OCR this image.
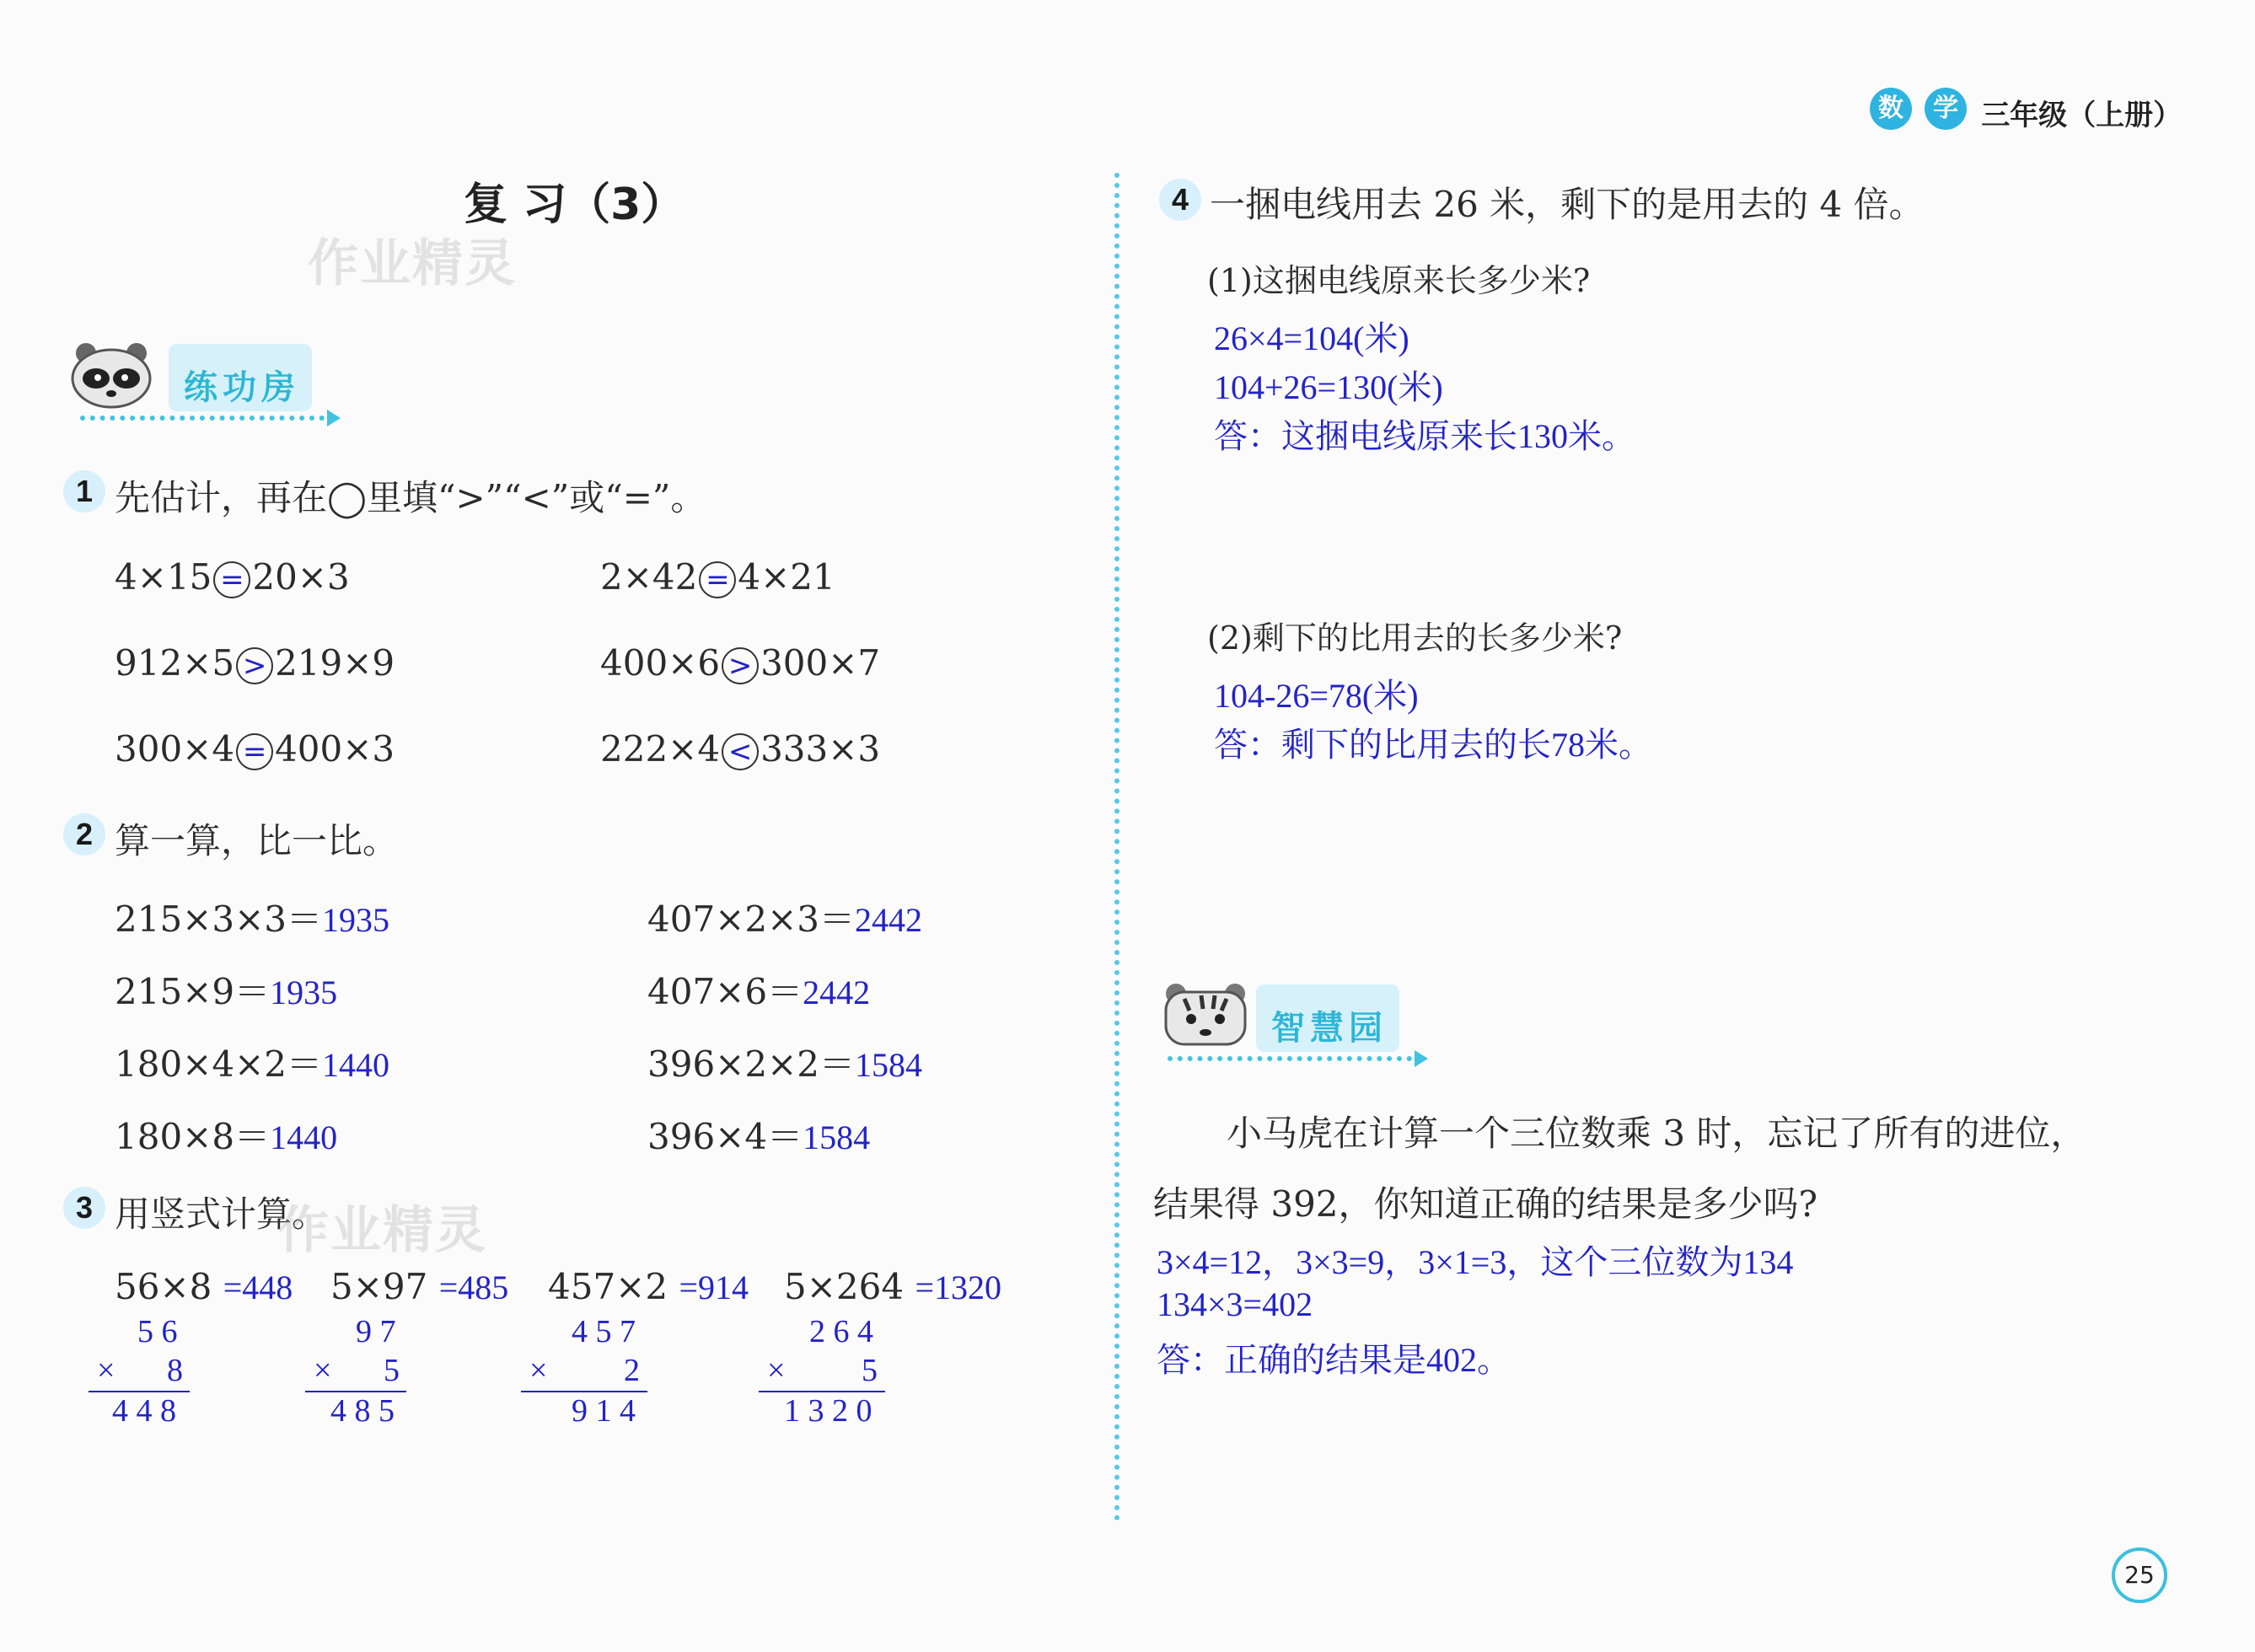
数 学 三年级（上册）
复 习（3）
作业精灵
练功房
1 先估计，再在◯里填“>”“<”或“=”。
4×15 = 20×3	2×42 = 4×21
912×5 > 219×9	400×6 > 300×7
300×4 = 400×3	222×4 < 333×3
2 算一算，比一比。
215×3×3＝1935	407×2×3＝2442
215×9＝1935	407×6＝2442
180×4×2＝1440	396×2×2＝1584
180×8＝1440	396×4＝1584
3 用竖式计算。
作业精灵
56×8 =448 5×97 =485 457×2 =914 5×264 =1320
5 6
× 8
4 4 8
9 7
× 5
4 8 5
4 5 7
× 2
9 1 4
2 6 4
× 5
1 3 2 0
4 一捆电线用去 26 米，剩下的是用去的 4 倍。
(1)这捆电线原来长多少米?
26×4=104(米)
104+26=130(米)
答：这捆电线原来长130米。
(2)剩下的比用去的长多少米?
104-26=78(米)
答：剩下的比用去的长78米。
智慧园
小马虎在计算一个三位数乘 3 时，忘记了所有的进位，
结果得 392，你知道正确的结果是多少吗?
3×4=12，3×3=9，3×1=3，这个三位数为134
134×3=402
答：正确的结果是402。
25
